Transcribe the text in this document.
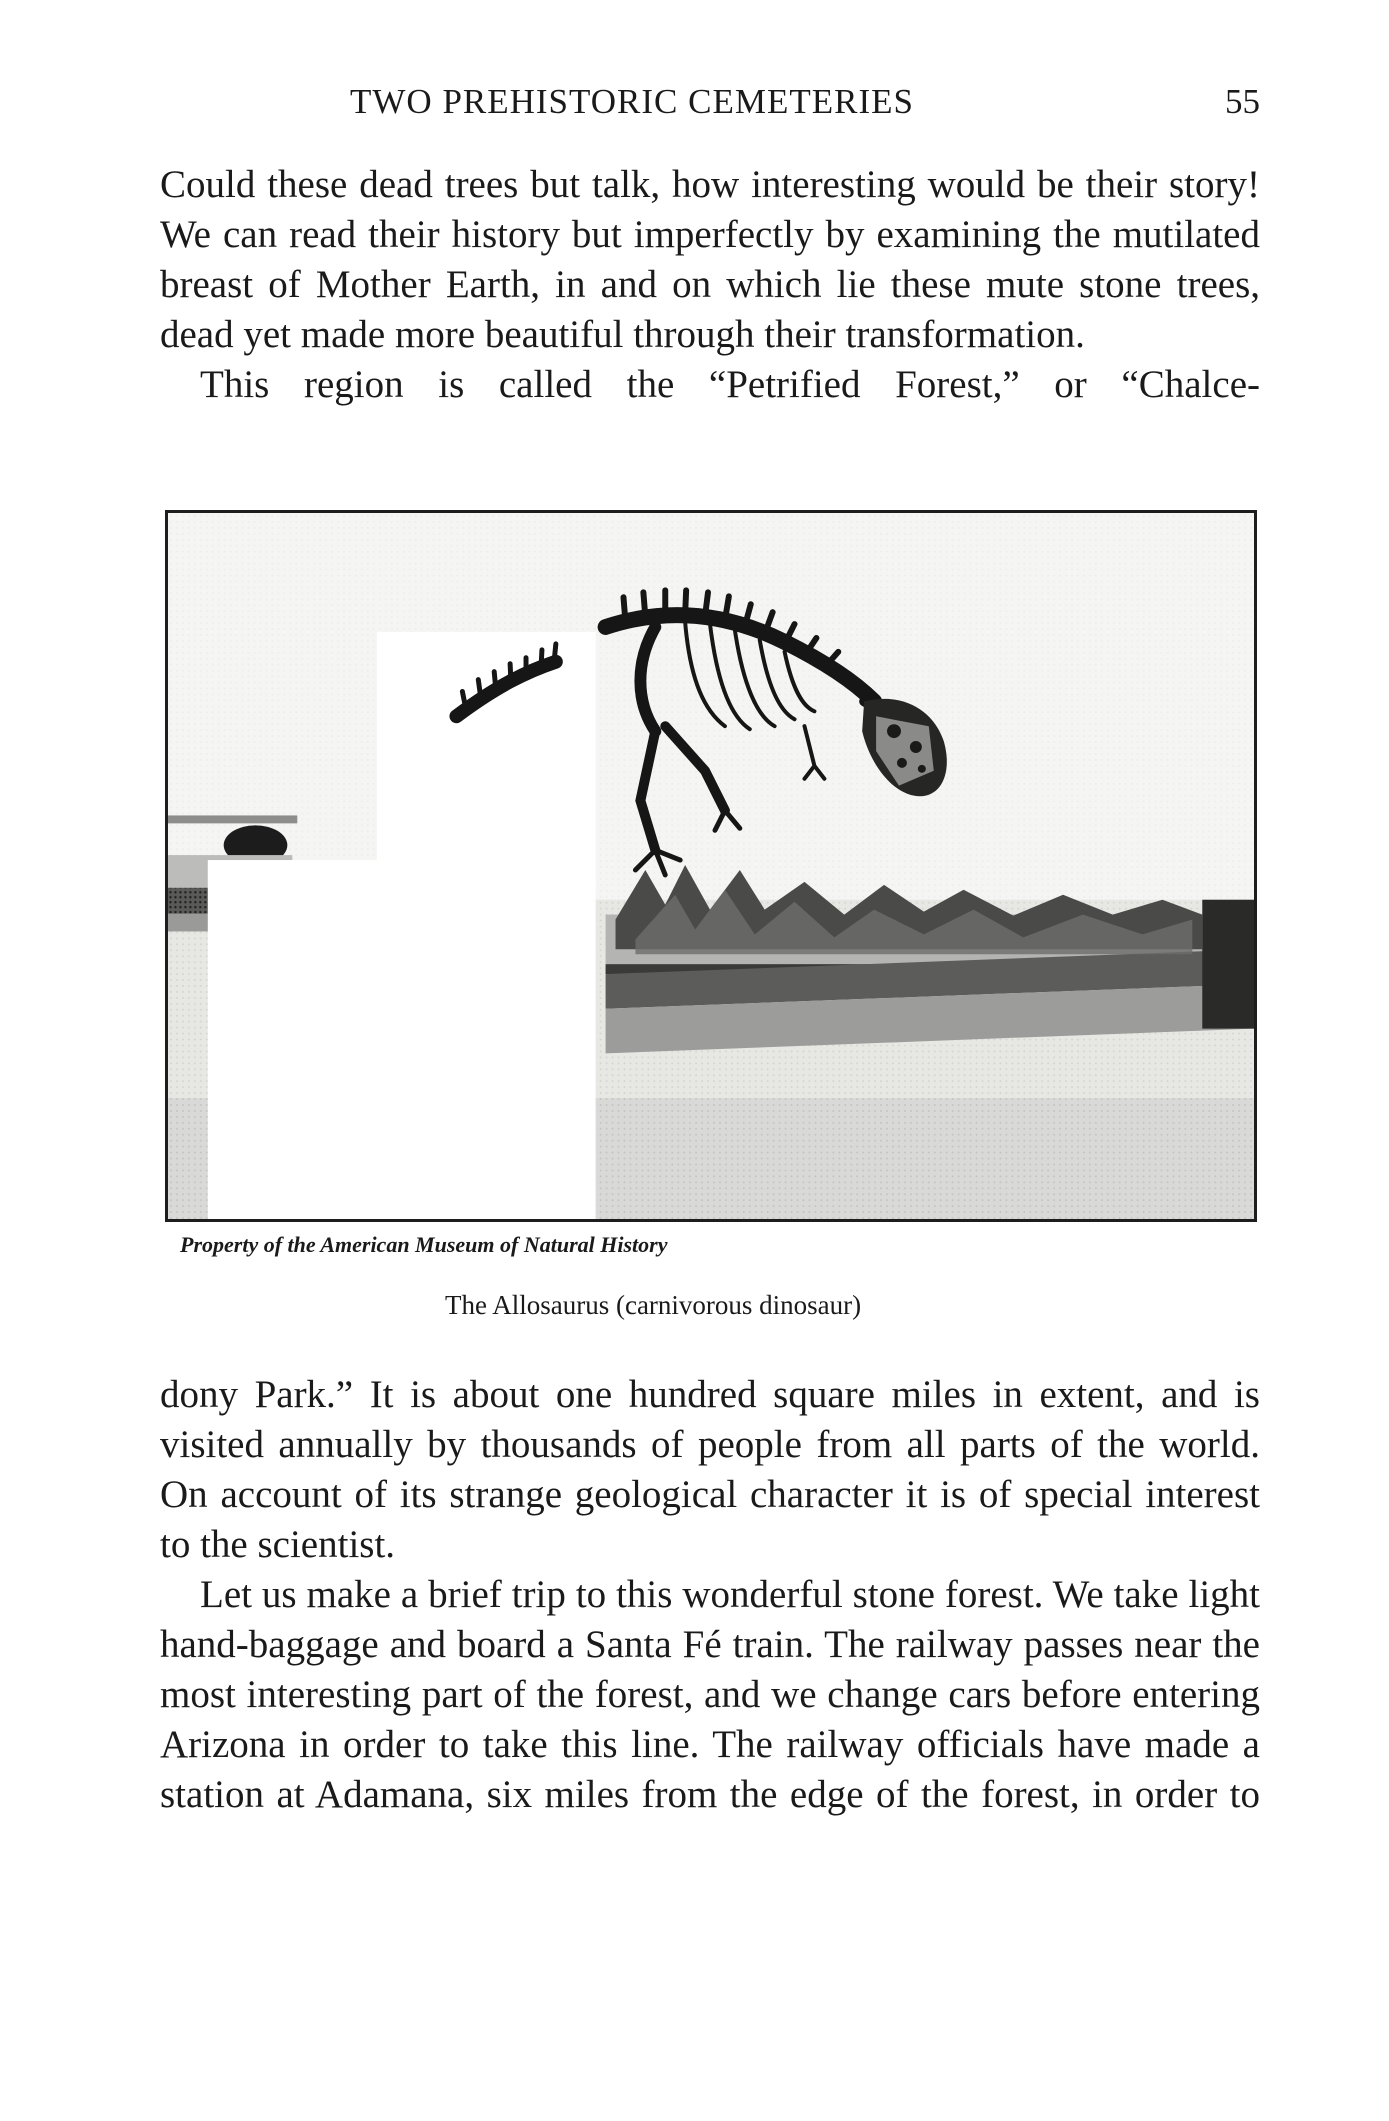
TWO PREHISTORIC CEMETERIES	55

Could these dead trees but talk, how interesting would be their story! We can read their history but imperfectly by examining the mutilated breast of Mother Earth, in and on which lie these mute stone trees, dead yet made more beautiful through their transformation.

This region is called the “Petrified Forest,” or “Chalce-

Property of the American Museum of Natural History
The Allosaurus (carnivorous dinosaur)

dony Park.” It is about one hundred square miles in extent, and is visited annually by thousands of people from all parts of the world. On account of its strange geological character it is of special interest to the scientist.

Let us make a brief trip to this wonderful stone forest. We take light hand-baggage and board a Santa Fé train. The railway passes near the most interesting part of the forest, and we change cars before entering Arizona in order to take this line. The railway officials have made a station at Adamana, six miles from the edge of the forest, in order to
